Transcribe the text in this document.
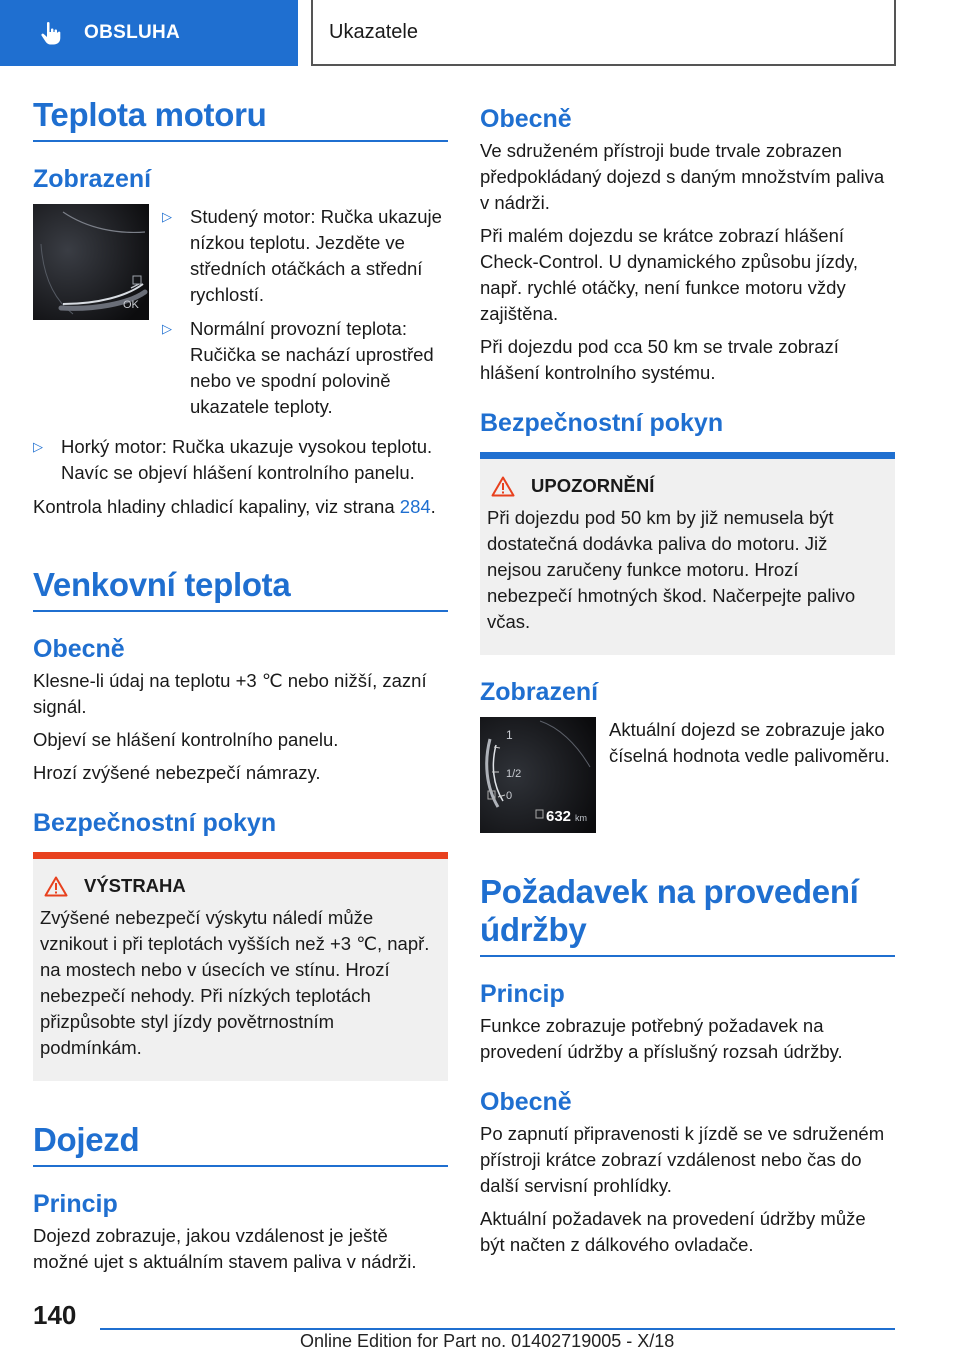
OBSLUHA	Ukazatele
Teplota motoru
Zobrazení
OK
▷ Studený motor: Ručka ukazuje nízkou teplotu. Jezděte ve středních otáčkách a střední rychlostí.
▷ Normální provozní teplota: Ručička se nachází uprostřed nebo ve spodní polovině ukazatele teploty.
▷ Horký motor: Ručka ukazuje vysokou teplotu. Navíc se objeví hlášení kontrolního panelu.

Kontrola hladiny chladicí kapaliny, viz strana 284.

Venkovní teplota
Obecně

Klesne-li údaj na teplotu +3 ℃ nebo nižší, zazní signál.

Objeví se hlášení kontrolního panelu.

Hrozí zvýšené nebezpečí námrazy.

Bezpečnostní pokyn
VÝSTRAHA

Zvýšené nebezpečí výskytu náledí může vznikout i při teplotách vyšších než +3 ℃, např. na mostech nebo v úsecích ve stínu. Hrozí nebezpečí nehody. Při nízkých teplotách přizpůsobte styl jízdy povětrnostním podmínkám.

Dojezd
Princip

Dojezd zobrazuje, jakou vzdálenost je ještě možné ujet s aktuálním stavem paliva v nádrži.

Obecně

Ve sdruženém přístroji bude trvale zobrazen předpokládaný dojezd s daným množstvím paliva v nádrži.

Při malém dojezdu se krátce zobrazí hlášení Check-Control. U dynamického způsobu jízdy, např. rychlé otáčky, není funkce motoru vždy zajištěna.

Při dojezdu pod cca 50 km se trvale zobrazí hlášení kontrolního systému.

Bezpečnostní pokyn
UPOZORNĚNÍ

Při dojezdu pod 50 km by již nemusela být dostatečná dodávka paliva do motoru. Již nejsou zaručeny funkce motoru. Hrozí nebezpečí hmotných škod. Načerpejte palivo včas.

Zobrazení
1
1/2
0
632 km

Aktuální dojezd se zobrazuje jako číselná hodnota vedle palivoměru.

Požadavek na provedení údržby
Princip

Funkce zobrazuje potřebný požadavek na provedení údržby a příslušný rozsah údržby.

Obecně

Po zapnutí připravenosti k jízdě se ve sdruženém přístroji krátce zobrazí vzdálenost nebo čas do další servisní prohlídky.

Aktuální požadavek na provedení údržby může být načten z dálkového ovladače.

140
Online Edition for Part no. 01402719005 - X/18
